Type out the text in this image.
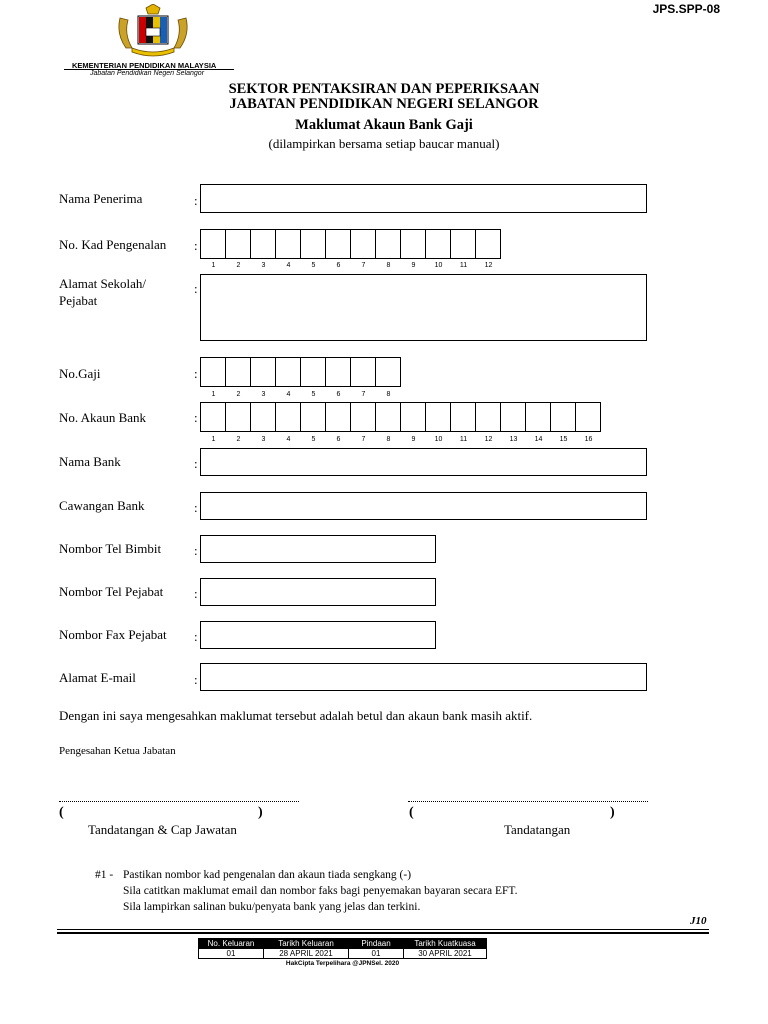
JPS.SPP-08
KEMENTERIAN PENDIDIKAN MALAYSIA
Jabatan Pendidikan Negeri Selangor
SEKTOR PENTAKSIRAN DAN PEPERIKSAAN
JABATAN PENDIDIKAN NEGERI SELANGOR
Maklumat Akaun Bank Gaji
(dilampirkan bersama setiap baucar manual)
Nama Penerima	:
No. Kad Pengenalan :
1	2	3	4	5	6	7	8	9	10	11	12
Alamat Sekolah/
Pejabat
:
No.Gaji	:
1	2	3	4	5	6	7	8
No. Akaun Bank	:
1	2	3	4	5	6	7	8	9	10	11	12	13	14	15	16
Nama Bank	:
Cawangan Bank	:
Nombor Tel Bimbit	:
Nombor Tel Pejabat :
Nombor Fax Pejabat :
Alamat E-mail	:
Dengan ini saya mengesahkan maklumat tersebut adalah betul dan akaun bank masih aktif.
Pengesahan Ketua Jabatan
(	)	(	)
Tandatangan & Cap Jawatan	Tandatangan
#1 - Pastikan nombor kad pengenalan dan akaun tiada sengkang (-)
Sila catitkan maklumat email dan nombor faks bagi penyemakan bayaran secara EFT.
Sila lampirkan salinan buku/penyata bank yang jelas dan terkini.
J10
No. Keluaran	Tarikh Keluaran	Pindaan	Tarikh Kuatkuasa
01	28 APRIL 2021	01	30 APRIL 2021
HakCipta Terpelihara @JPNSel. 2020			
